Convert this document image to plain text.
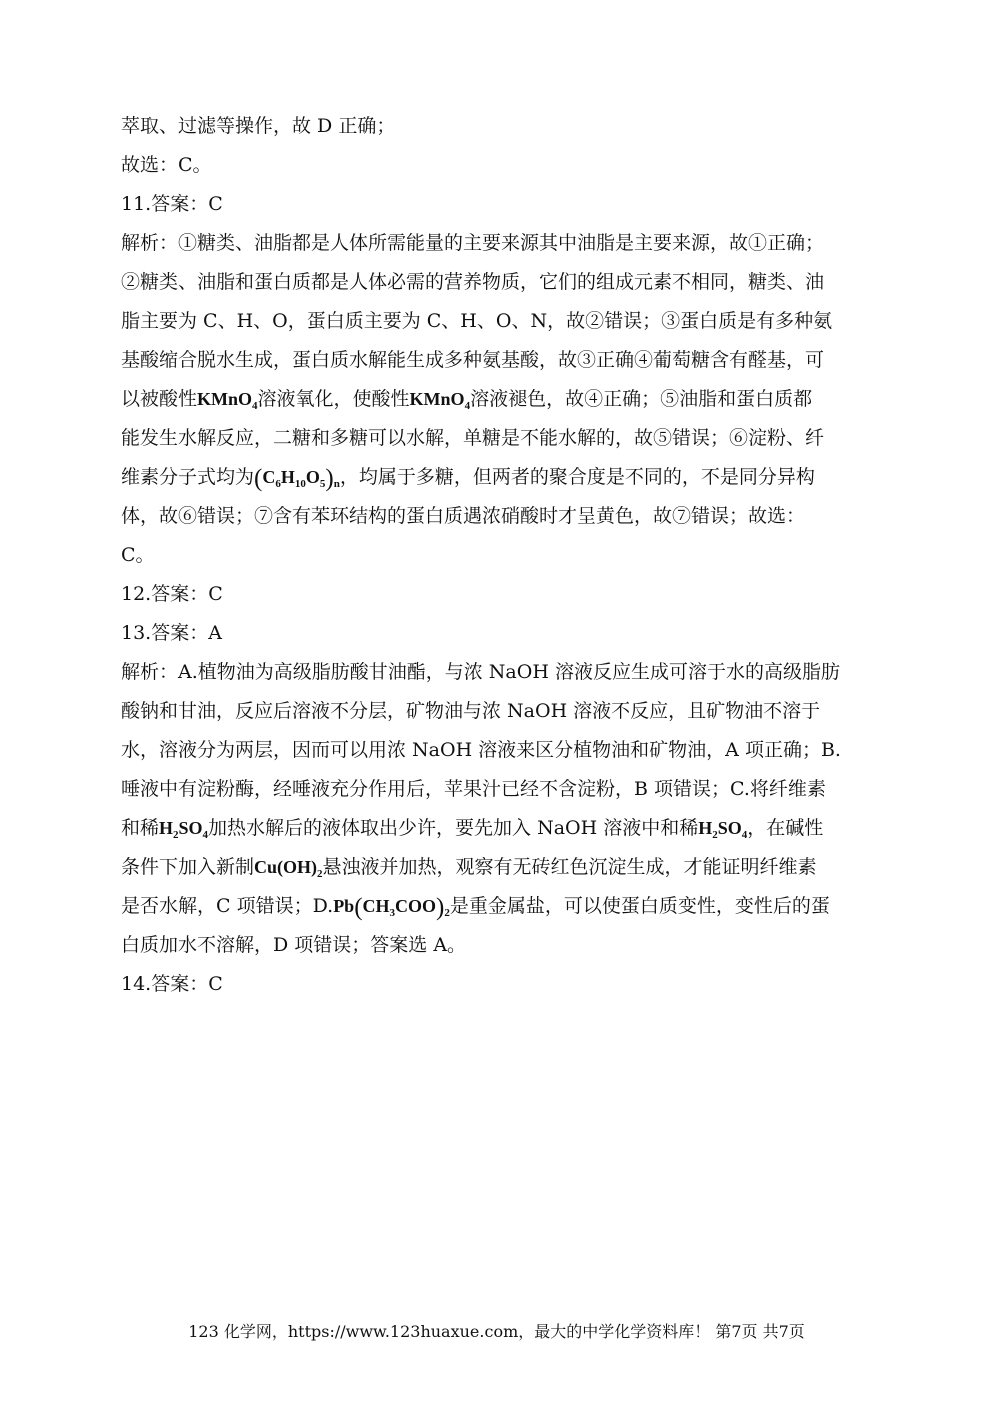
萃取、过滤等操作，故 D 正确；
故选：C。
11.答案：C
解析：①糖类、油脂都是人体所需能量的主要来源其中油脂是主要来源，故①正确；
②糖类、油脂和蛋白质都是人体必需的营养物质，它们的组成元素不相同，糖类、油
脂主要为 C、H、O，蛋白质主要为 C、H、O、N，故②错误；③蛋白质是有多种氨
基酸缩合脱水生成，蛋白质水解能生成多种氨基酸，故③正确④葡萄糖含有醛基，可
以被酸性KMnO$_4$溶液氧化，使酸性KMnO$_4$溶液褪色，故④正确；⑤油脂和蛋白质都
能发生水解反应，二糖和多糖可以水解，单糖是不能水解的，故⑤错误；⑥淀粉、纤
维素分子式均为$(C_6H_{10}O_5)_n$，均属于多糖，但两者的聚合度是不同的，不是同分异构
体，故⑥错误；⑦含有苯环结构的蛋白质遇浓硝酸时才呈黄色，故⑦错误；故选：
C。
12.答案：C
13.答案：A
解析：A.植物油为高级脂肪酸甘油酯，与浓 NaOH 溶液反应生成可溶于水的高级脂肪
酸钠和甘油，反应后溶液不分层，矿物油与浓 NaOH 溶液不反应，且矿物油不溶于
水，溶液分为两层，因而可以用浓 NaOH 溶液来区分植物油和矿物油，A 项正确；B.
唾液中有淀粉酶，经唾液充分作用后，苹果汁已经不含淀粉，B 项错误；C.将纤维素
和稀$H_2SO_4$加热水解后的液体取出少许，要先加入 NaOH 溶液中和稀$H_2SO_4$，在碱性
条件下加入新制$Cu(OH)_2$悬浊液并加热，观察有无砖红色沉淀生成，才能证明纤维素
是否水解，C 项错误；$D.Pb(CH_3COO)_2$是重金属盐，可以使蛋白质变性，变性后的蛋
白质加水不溶解，D 项错误；答案选 A。
14.答案：C
123 化学网，https://www.123huaxue.com，最大的中学化学资料库！ 第7页 共7页
